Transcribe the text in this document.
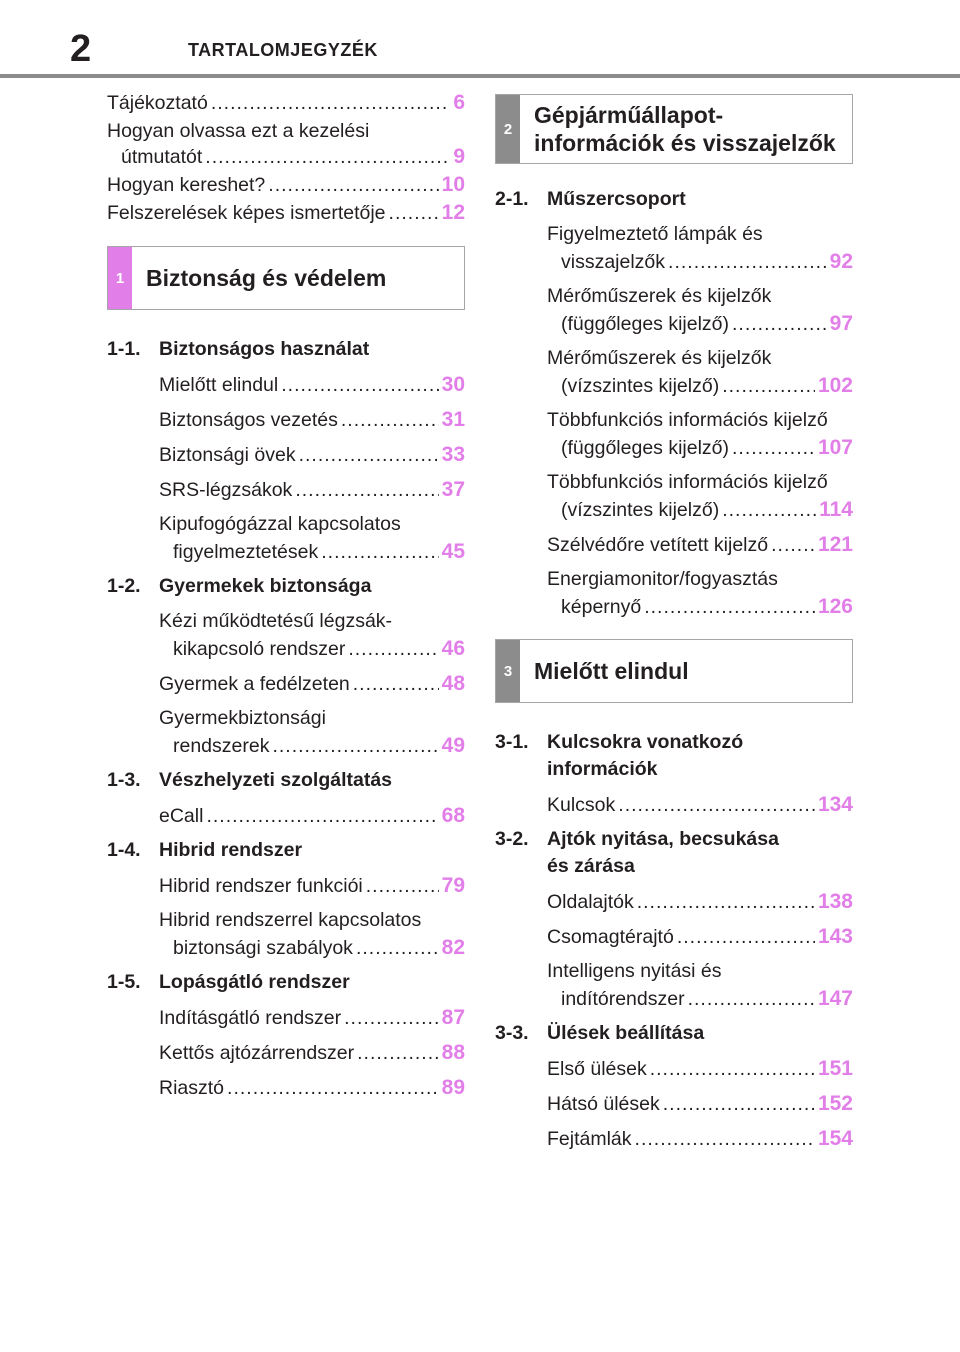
2	TARTALOMJEGYZÉK
Tájékoztató .....	6
Hogyan olvassa ezt a kezelési
útmutatót .....	9
Hogyan kereshet? .....	10
Felszerelések képes ismertetője .....	12
1 Biztonság és védelem
1-1. Biztonságos használat
Mielőtt elindul .....	30
Biztonságos vezetés .....	31
Biztonsági övek .....	33
SRS-légzsákok .....	37
Kipufogógázzal kapcsolatos
figyelmeztetések .....	45
1-2. Gyermekek biztonsága
Kézi működtetésű légzsák-
kikapcsoló rendszer .....	46
Gyermek a fedélzeten .....	48
Gyermekbiztonsági
rendszerek .....	49
1-3. Vészhelyzeti szolgáltatás
eCall .....	68
1-4. Hibrid rendszer
Hibrid rendszer funkciói .....	79
Hibrid rendszerrel kapcsolatos
biztonsági szabályok .....	82
1-5. Lopásgátló rendszer
Indításgátló rendszer .....	87
Kettős ajtózárrendszer .....	88
Riasztó .....	89
2
Gépjárműállapot-
információk és visszajelzők
2-1. Műszercsoport
Figyelmeztető lámpák és
visszajelzők .....	92
Mérőműszerek és kijelzők
(függőleges kijelző) .....	97
Mérőműszerek és kijelzők
(vízszintes kijelző) .....	102
Többfunkciós információs kijelző
(függőleges kijelző) .....	107
Többfunkciós információs kijelző
(vízszintes kijelző) .....	114
Szélvédőre vetített kijelző ..... 121
Energiamonitor/fogyasztás
képernyő .....	126
3 Mielőtt elindul
3-1. Kulcsokra vonatkozó
információk
Kulcsok .....	134
3-2. Ajtók nyitása, becsukása
és zárása
Oldalajtók .....	138
Csomagtérajtó .....	143
Intelligens nyitási és
indítórendszer .....	147
3-3. Ülések beállítása
Első ülések .....	151
Hátsó ülések .....	152
Fejtámlák .....	154
